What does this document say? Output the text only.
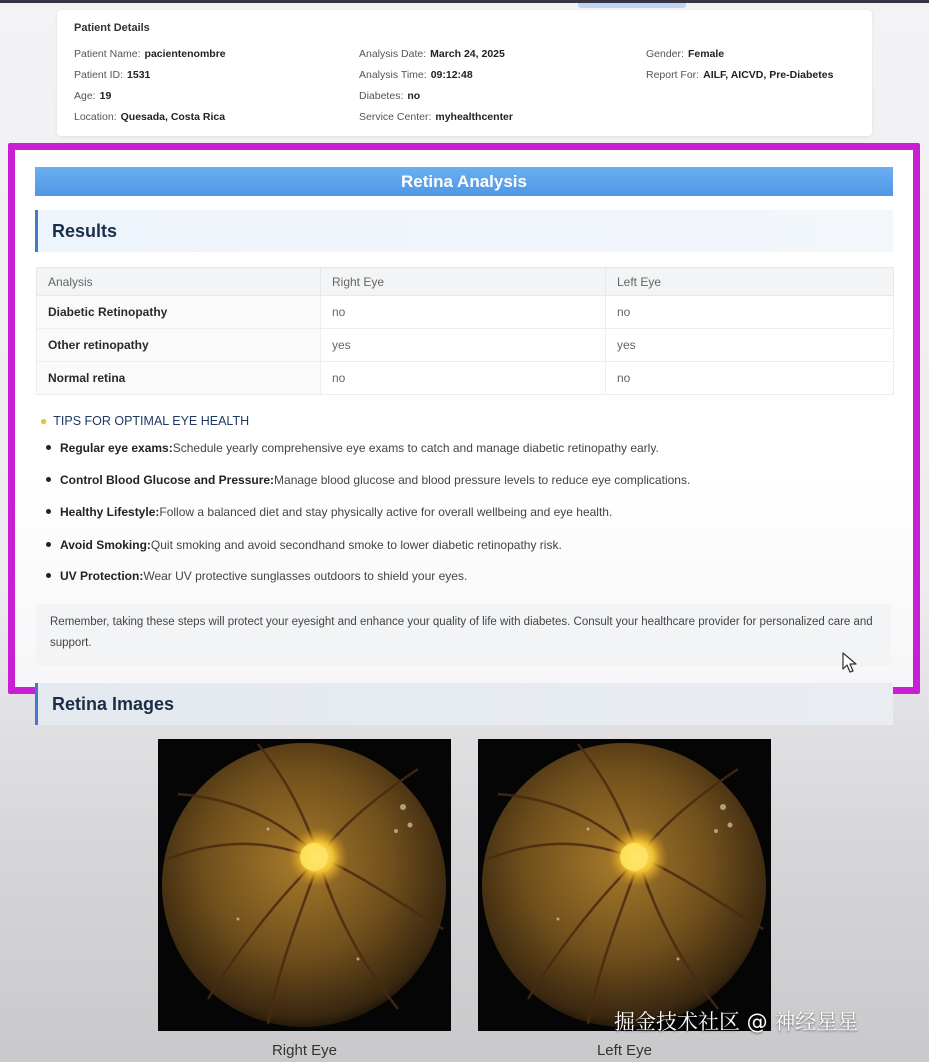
Patient Details
Patient Name: pacientenombre
Patient ID: 1531
Age: 19
Location: Quesada, Costa Rica
Analysis Date: March 24, 2025
Analysis Time: 09:12:48
Diabetes: no
Service Center: myhealthcenter
Gender: Female
Report For: AILF, AICVD, Pre-Diabetes
Retina Analysis
Results
Analysis	Right Eye	Left Eye
Diabetic Retinopathy	no	no
Other retinopathy	yes	yes
Normal retina	no	no
● TIPS FOR OPTIMAL EYE HEALTH
Regular eye exams:Schedule yearly comprehensive eye exams to catch and manage diabetic retinopathy early.
Control Blood Glucose and Pressure:Manage blood glucose and blood pressure levels to reduce eye complications.
Healthy Lifestyle:Follow a balanced diet and stay physically active for overall wellbeing and eye health.
Avoid Smoking:Quit smoking and avoid secondhand smoke to lower diabetic retinopathy risk.
UV Protection:Wear UV protective sunglasses outdoors to shield your eyes.
Remember, taking these steps will protect your eyesight and enhance your quality of life with diabetes. Consult your healthcare provider for personalized care and support.
Retina Images
Right Eye	Left Eye
掘金技术社区 @ 神经星星
